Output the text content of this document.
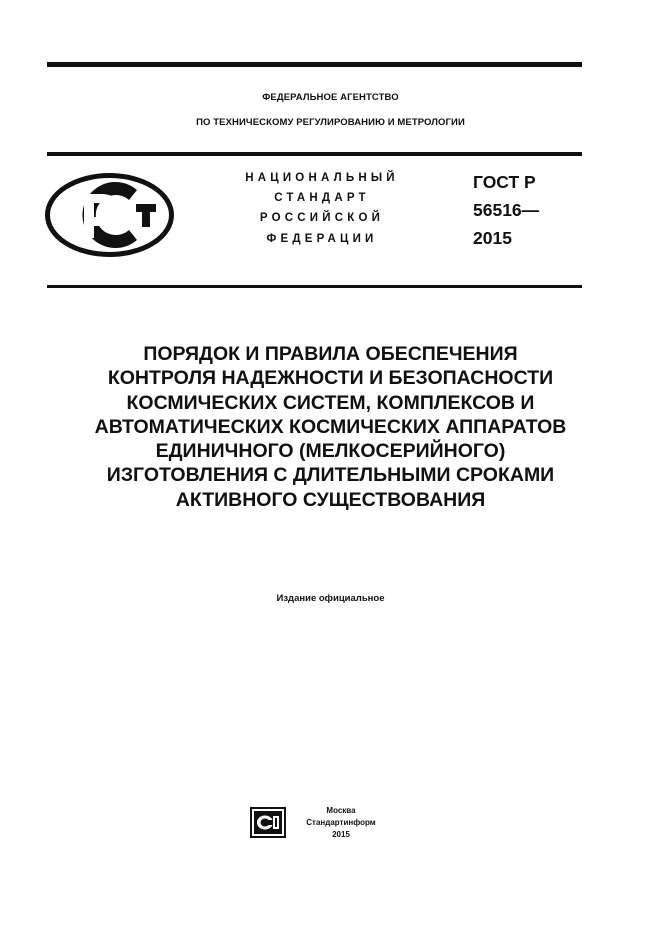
ФЕДЕРАЛЬНОЕ АГЕНТСТВО
ПО ТЕХНИЧЕСКОМУ РЕГУЛИРОВАНИЮ И МЕТРОЛОГИИ
НАЦИОНАЛЬНЫЙ
СТАНДАРТ
РОССИЙСКОЙ
ФЕДЕРАЦИИ
ГОСТ Р
56516—
2015
ПОРЯДОК И ПРАВИЛА ОБЕСПЕЧЕНИЯ
КОНТРОЛЯ НАДЕЖНОСТИ И БЕЗОПАСНОСТИ
КОСМИЧЕСКИХ СИСТЕМ, КОМПЛЕКСОВ И
АВТОМАТИЧЕСКИХ КОСМИЧЕСКИХ АППАРАТОВ
ЕДИНИЧНОГО (МЕЛКОСЕРИЙНОГО)
ИЗГОТОВЛЕНИЯ С ДЛИТЕЛЬНЫМИ СРОКАМИ
АКТИВНОГО СУЩЕСТВОВАНИЯ
Издание официальное
Москва
Стандартинформ
2015
